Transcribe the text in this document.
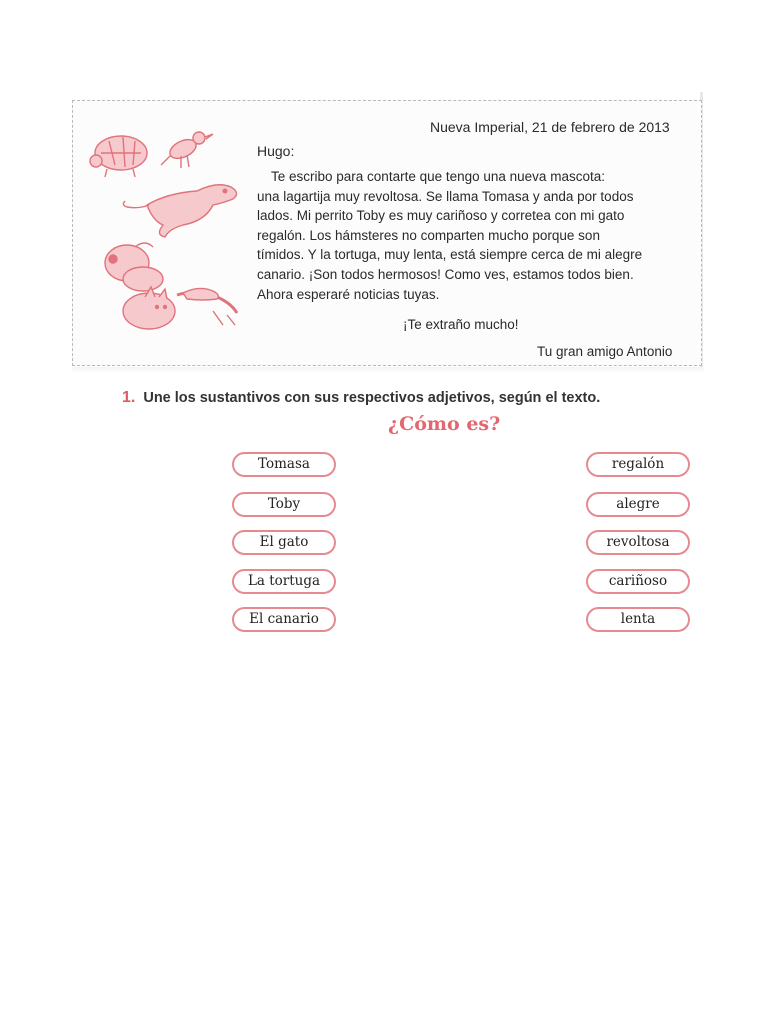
Nueva Imperial, 21 de febrero de 2013
Hugo:
Te escribo para contarte que tengo una nueva mascota:
una lagartija muy revoltosa. Se llama Tomasa y anda por todos
lados. Mi perrito Toby es muy cariñoso y corretea con mi gato
regalón. Los hámsteres no comparten mucho porque son
tímidos. Y la tortuga, muy lenta, está siempre cerca de mi alegre
canario. ¡Son todos hermosos! Como ves, estamos todos bien.
Ahora esperaré noticias tuyas.
¡Te extraño mucho!
Tu gran amigo Antonio
1. Une los sustantivos con sus respectivos adjetivos, según el texto.
¿Cómo es?
Tomasa
Toby
El gato
La tortuga
El canario
regalón
alegre
revoltosa
cariñoso
lenta
